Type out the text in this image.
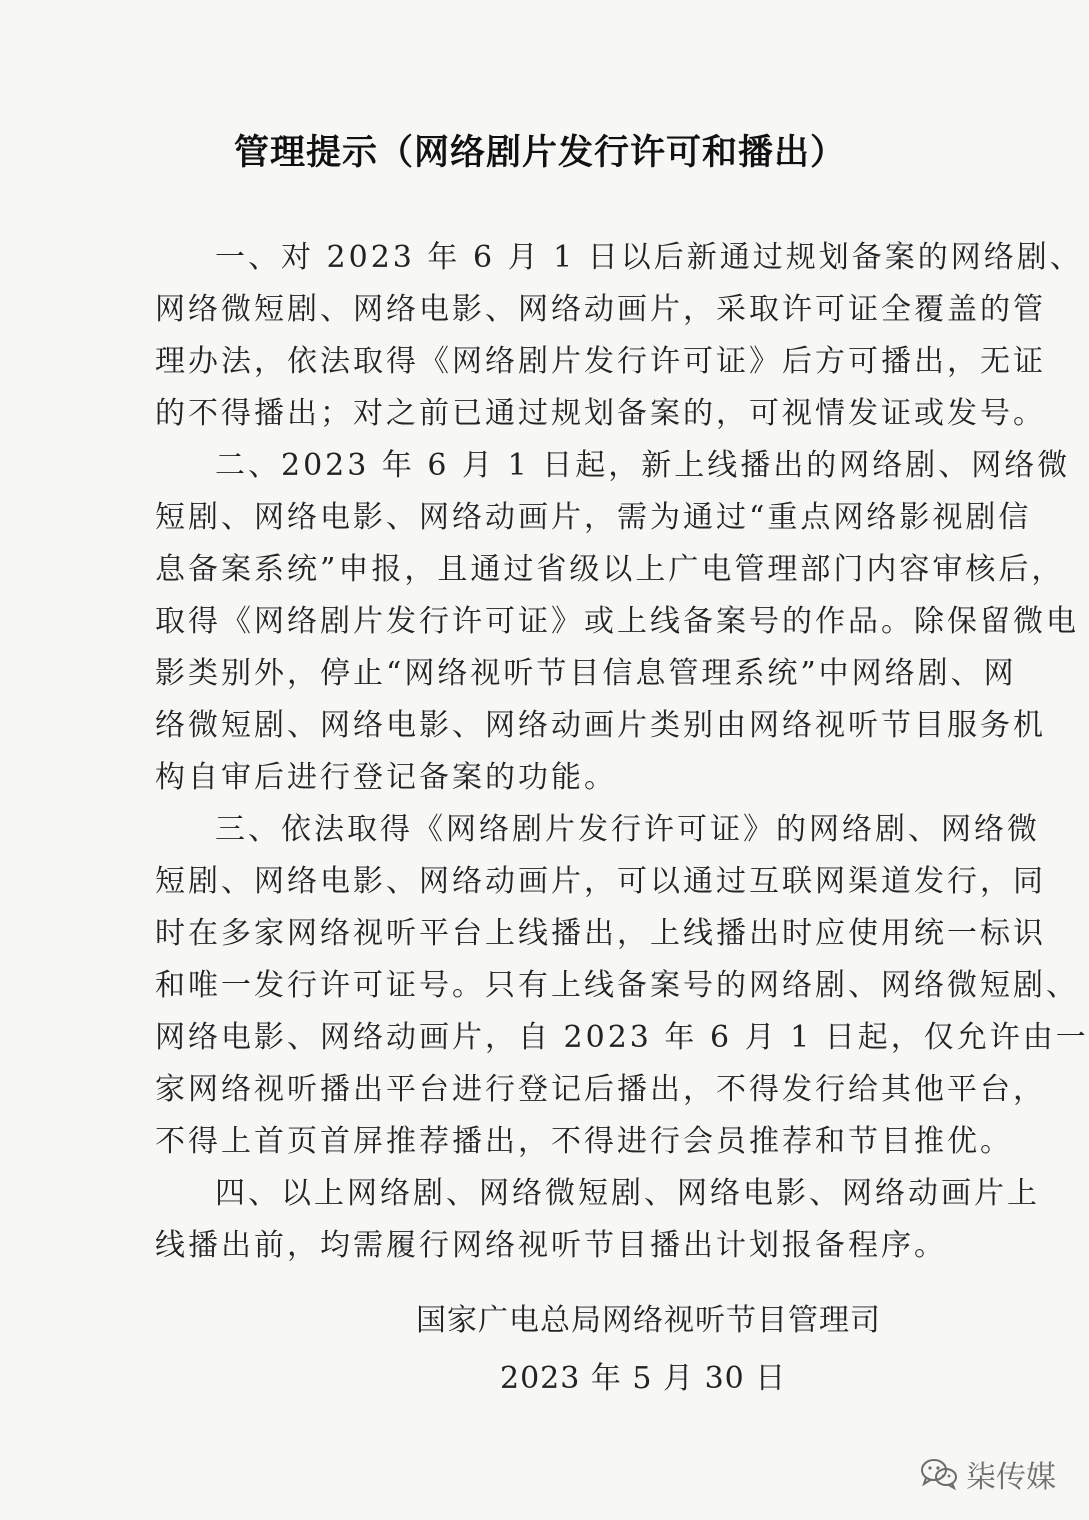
管理提示（网络剧片发行许可和播出）
一、对 2023 年 6 月 1 日以后新通过规划备案的网络剧、
网络微短剧、网络电影、网络动画片，采取许可证全覆盖的管
理办法，依法取得《网络剧片发行许可证》后方可播出，无证
的不得播出；对之前已通过规划备案的，可视情发证或发号。
二、2023 年 6 月 1 日起，新上线播出的网络剧、网络微
短剧、网络电影、网络动画片，需为通过“重点网络影视剧信
息备案系统”申报，且通过省级以上广电管理部门内容审核后，
取得《网络剧片发行许可证》或上线备案号的作品。除保留微电
影类别外，停止“网络视听节目信息管理系统”中网络剧、网
络微短剧、网络电影、网络动画片类别由网络视听节目服务机
构自审后进行登记备案的功能。
三、依法取得《网络剧片发行许可证》的网络剧、网络微
短剧、网络电影、网络动画片，可以通过互联网渠道发行，同
时在多家网络视听平台上线播出，上线播出时应使用统一标识
和唯一发行许可证号。只有上线备案号的网络剧、网络微短剧、
网络电影、网络动画片，自 2023 年 6 月 1 日起，仅允许由一
家网络视听播出平台进行登记后播出，不得发行给其他平台，
不得上首页首屏推荐播出，不得进行会员推荐和节目推优。
四、以上网络剧、网络微短剧、网络电影、网络动画片上
线播出前，均需履行网络视听节目播出计划报备程序。
国家广电总局网络视听节目管理司
2023 年 5 月 30 日
柒传媒
